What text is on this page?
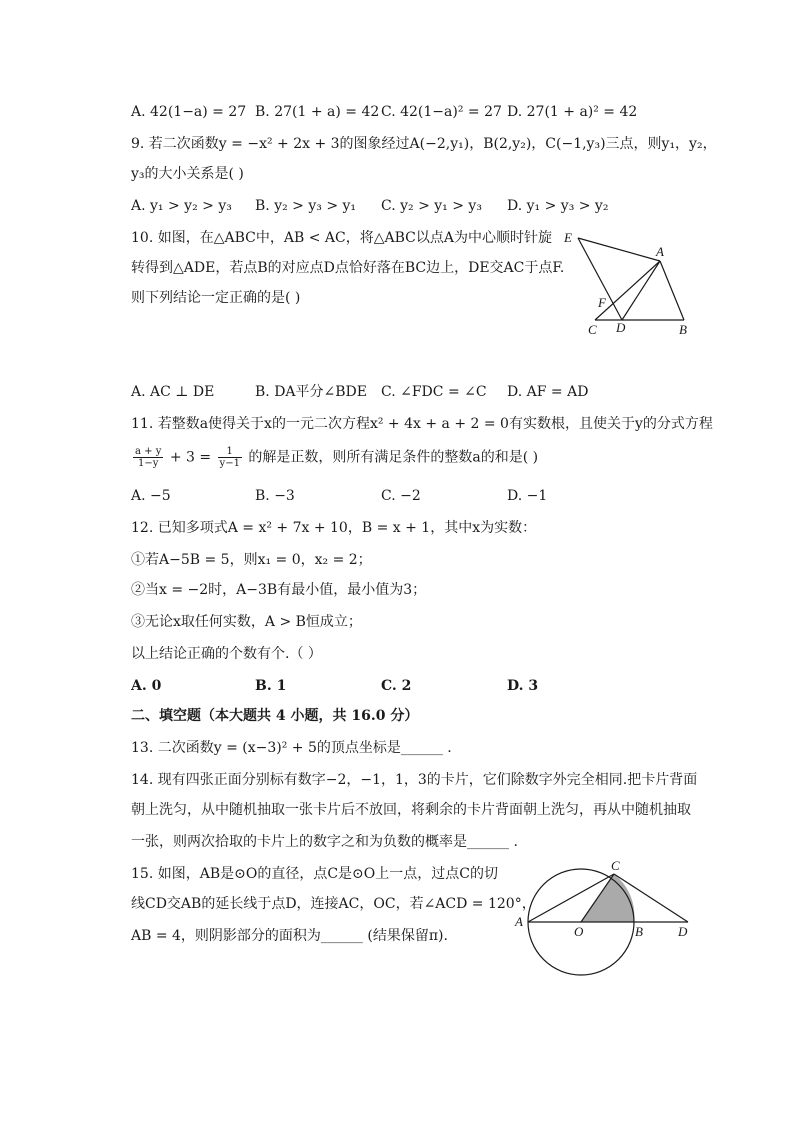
A. 42(1−a) = 27 B. 27(1 + a) = 42 C. 42(1−a)² = 27 D. 27(1 + a)² = 42
9. 若二次函数y = −x² + 2x + 3的图象经过A(−2,y₁)，B(2,y₂)，C(−1,y₃)三点，则y₁，y₂，
y₃的大小关系是( )
A. y₁ > y₂ > y₃ B. y₂ > y₃ > y₁ C. y₂ > y₁ > y₃ D. y₁ > y₃ > y₂
10. 如图，在△ABC中，AB < AC，将△ABC以点A为中心顺时针旋
转得到△ADE，若点B的对应点D点恰好落在BC边上，DE交AC于点F.
则下列结论一定正确的是( )
E
A
F
C D	B
A. AC ⊥ DE	B. DA平分∠BDE C. ∠FDC = ∠C D. AF = AD
11. 若整数a使得关于x的一元二次方程x² + 4x + a + 2 = 0有实数根，且使关于y的分式方程
$\frac{a + y}{1-y} + 3 = \frac{1}{y-1}$ 的解是正数，则所有满足条件的整数a的和是( )
A. −5	B. −3	C. −2	D. −1
12. 已知多项式A = x² + 7x + 10，B = x + 1，其中x为实数：
①若A−5B = 5，则x₁ = 0，x₂ = 2；
②当x = −2时，A−3B有最小值，最小值为3；
③无论x取任何实数，A > B恒成立；
以上结论正确的个数有个.（ ）
A. 0	B. 1	C. 2	D. 3
二、填空题（本大题共 4 小题，共 16.0 分）
13. 二次函数y = (x−3)² + 5的顶点坐标是______ .
14. 现有四张正面分别标有数字−2，−1，1，3的卡片，它们除数字外完全相同.把卡片背面
朝上洗匀，从中随机抽取一张卡片后不放回，将剩余的卡片背面朝上洗匀，再从中随机抽取
一张，则两次拾取的卡片上的数字之和为负数的概率是______ .
15. 如图，AB是⊙O的直径，点C是⊙O上一点，过点C的切
线CD交AB的延长线于点D，连接AC，OC，若∠ACD = 120°，
AB = 4，则阴影部分的面积为______ (结果保留π).
C
A
O	B	D
